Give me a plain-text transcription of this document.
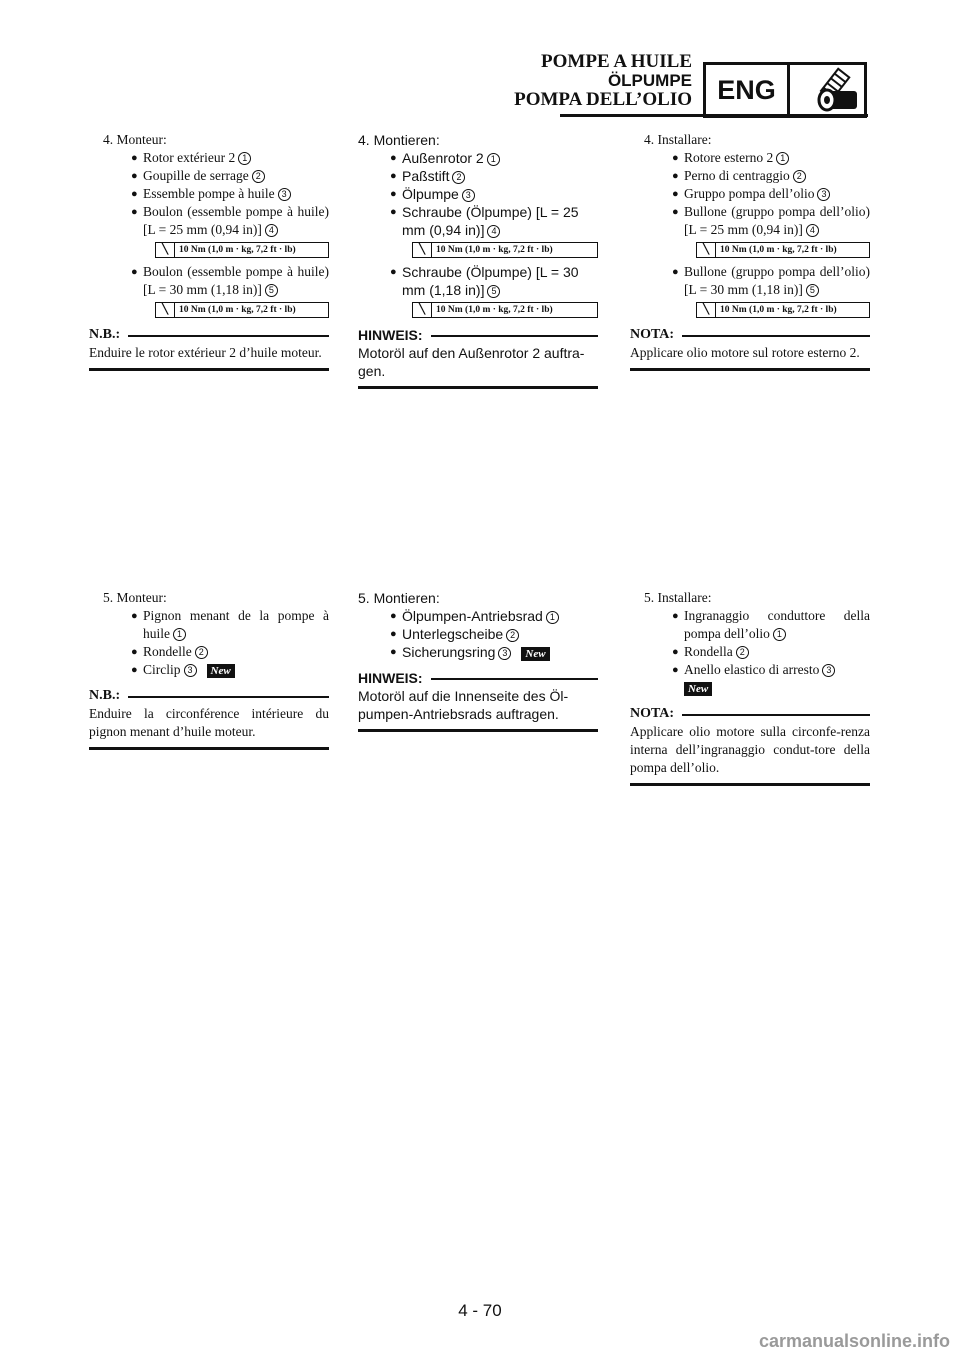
POMPE A HUILE
ÖLPUMPE
POMPA DELL’OLIO ENG
4. Monteur:
● Rotor extérieur 2 1
● Goupille de serrage 2
● Essemble pompe à huile 3
● Boulon (essemble pompe à huile) [L = 25 mm (0,94 in)] 4
╲	10 Nm (1,0 m · kg, 7,2 ft · lb)
● Boulon (essemble pompe à huile) [L = 30 mm (1,18 in)] 5
╲	10 Nm (1,0 m · kg, 7,2 ft · lb)
N.B.:
Enduire le rotor extérieur 2 d’huile moteur.
4. Montieren:
● Außenrotor 2 1
● Paßstift 2
● Ölpumpe 3
● Schraube (Ölpumpe) [L = 25 mm (0,94 in)] 4
╲	10 Nm (1,0 m · kg, 7,2 ft · lb)
● Schraube (Ölpumpe) [L = 30 mm (1,18 in)] 5
╲	10 Nm (1,0 m · kg, 7,2 ft · lb)
HINWEIS:
Motoröl auf den Außenrotor 2 auftra-gen.
4. Installare:
● Rotore esterno 2 1
● Perno di centraggio 2
● Gruppo pompa dell’olio 3
● Bullone (gruppo pompa dell’olio) [L = 25 mm (0,94 in)] 4
╲	10 Nm (1,0 m · kg, 7,2 ft · lb)
● Bullone (gruppo pompa dell’olio) [L = 30 mm (1,18 in)] 5
╲	10 Nm (1,0 m · kg, 7,2 ft · lb)
NOTA:
Applicare olio motore sul rotore esterno 2.
5. Monteur:
● Pignon menant de la pompe à huile 1
● Rondelle 2
● Circlip 3 New
N.B.:
Enduire la circonférence intérieure du pignon menant d’huile moteur.
5. Montieren:
● Ölpumpen-Antriebsrad 1
● Unterlegscheibe 2
● Sicherungsring 3 New
HINWEIS:
Motoröl auf die Innenseite des Öl-pumpen-Antriebsrads auftragen.
5. Installare:
● Ingranaggio conduttore della pompa dell’olio 1
● Rondella 2
● Anello elastico di arresto 3
New
NOTA:
Applicare olio motore sulla circonfe-renza interna dell’ingranaggio condut-tore della pompa dell’olio.
4 - 70
carmanualsonline.info
